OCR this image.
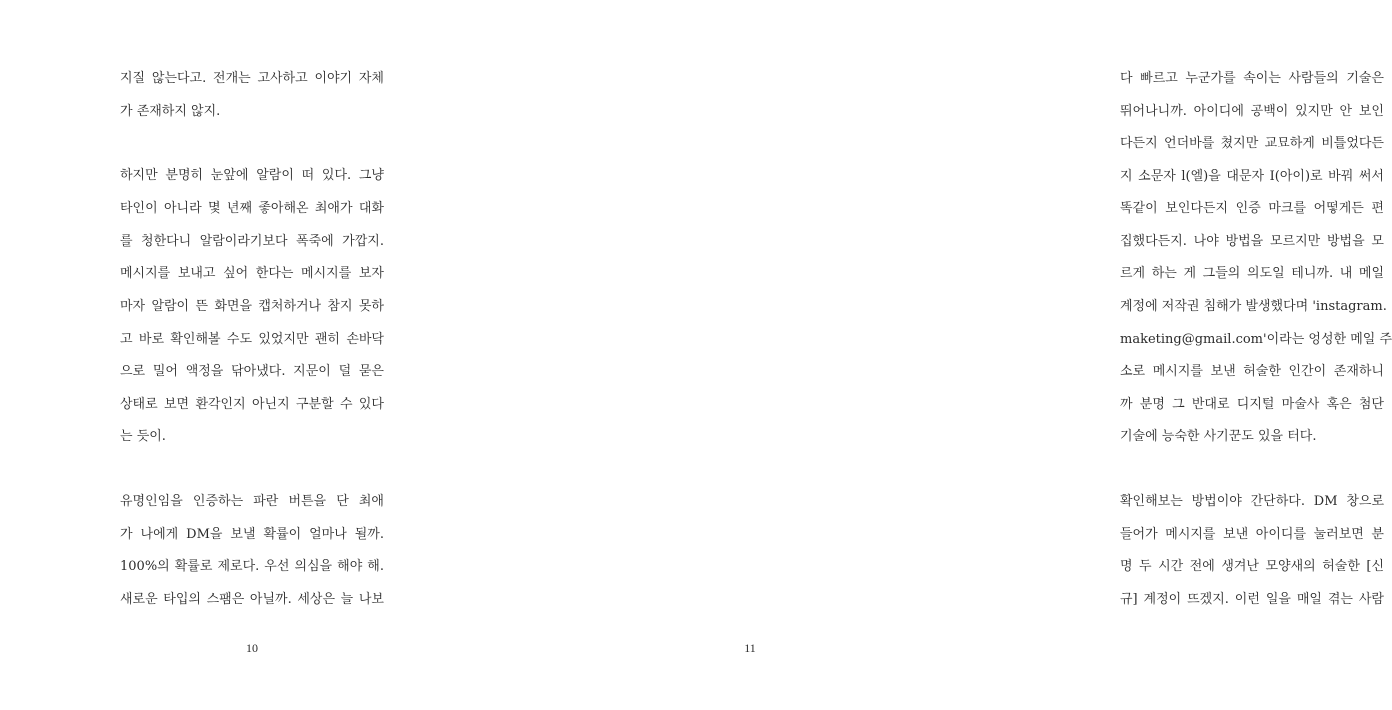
지질 않는다고. 전개는 고사하고 이야기 자체

가 존재하지 않지.

하지만 분명히 눈앞에 알람이 떠 있다. 그냥

타인이 아니라 몇 년째 좋아해온 최애가 대화

를 청한다니 알람이라기보다 폭죽에 가깝지.

메시지를 보내고 싶어 한다는 메시지를 보자

마자 알람이 뜬 화면을 캡처하거나 참지 못하

고 바로 확인해볼 수도 있었지만 괜히 손바닥

으로 밀어 액정을 닦아냈다. 지문이 덜 묻은

상태로 보면 환각인지 아닌지 구분할 수 있다

는 듯이.

유명인임을 인증하는 파란 버튼을 단 최애

가 나에게 DM을 보낼 확률이 얼마나 될까.

100%의 확률로 제로다. 우선 의심을 해야 해.

새로운 타입의 스팸은 아닐까. 세상은 늘 나보

10

다 빠르고 누군가를 속이는 사람들의 기술은

뛰어나니까. 아이디에 공백이 있지만 안 보인

다든지 언더바를 쳤지만 교묘하게 비틀었다든

지 소문자 l(엘)을 대문자 I(아이)로 바꿔 써서

똑같이 보인다든지 인증 마크를 어떻게든 편

집했다든지. 나야 방법을 모르지만 방법을 모

르게 하는 게 그들의 의도일 테니까. 내 메일

계정에 저작권 침해가 발생했다며 'instagram.

maketing@gmail.com'이라는 엉성한 메일 주

소로 메시지를 보낸 허술한 인간이 존재하니

까 분명 그 반대로 디지털 마술사 혹은 첨단

기술에 능숙한 사기꾼도 있을 터다.

확인해보는 방법이야 간단하다. DM 창으로

들어가 메시지를 보낸 아이디를 눌러보면 분

명 두 시간 전에 생겨난 모양새의 허술한 [신

규] 계정이 뜨겠지. 이런 일을 매일 겪는 사람

11
